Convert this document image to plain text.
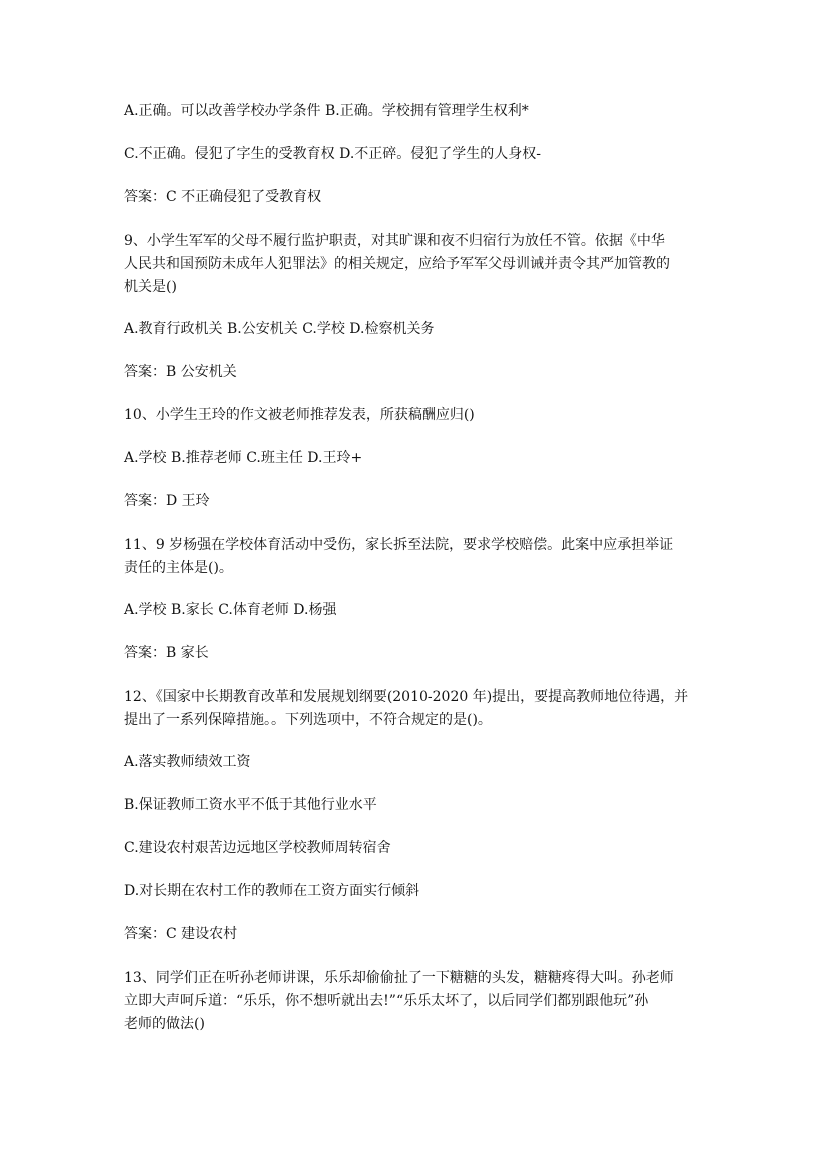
A.正确。可以改善学校办学条件 B.正确。学校拥有管理学生权利*
C.不正确。侵犯了字生的受教育权 D.不正碎。侵犯了学生的人身权-
答案：C 不正确侵犯了受教育权
9、小学生军军的父母不履行监护职责，对其旷课和夜不归宿行为放任不管。依据《中华
人民共和国预防未成年人犯罪法》的相关规定，应给予军军父母训诫并责令其严加管教的
机关是()
A.教育行政机关 B.公安机关 C.学校 D.检察机关务
答案：B 公安机关
10、小学生王玲的作文被老师推荐发表，所获稿酬应归()
A.学校 B.推荐老师 C.班主任 D.王玲+
答案：D 王玲
11、9 岁杨强在学校体育活动中受伤，家长拆至法院，要求学校赔偿。此案中应承担举证
责任的主体是()。
A.学校 B.家长 C.体育老师 D.杨强
答案：B 家长
12、《国家中长期教育改革和发展规划纲要(2010-2020 年)提出，要提高教师地位待遇，并
提出了一系列保障措施。。下列选项中，不符合规定的是()。
A.落实教师绩效工资
B.保证教师工资水平不低于其他行业水平
C.建设农村艰苦边远地区学校教师周转宿舍
D.对长期在农村工作的教师在工资方面实行倾斜
答案：C 建设农村
13、同学们正在听孙老师讲课，乐乐却偷偷扯了一下糖糖的头发，糖糖疼得大叫。孙老师
立即大声呵斥道：“乐乐，你不想听就出去!”“乐乐太坏了，以后同学们都别跟他玩”孙
老师的做法()
